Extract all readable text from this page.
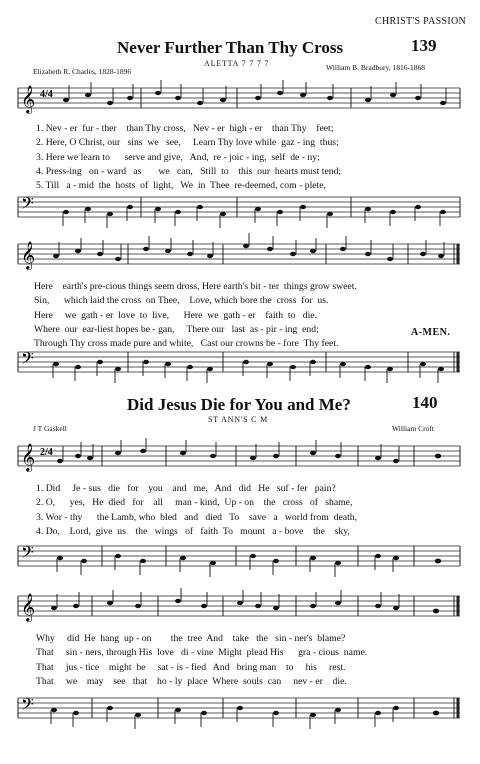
CHRIST'S PASSION
Never Further Than Thy Cross	139
ALETTA 7 7 7 7
Elizabeth R. Charles, 1828-1896	William B. Bradbury, 1816-1868
𝄞 4/4
1. Nev - er  fur - ther    than Thy cross,   Nev - er  high - er    than Thy    feet;
2. Here, O Christ, our   sins  we   see,     Learn Thy love while  gaz - ing  thus;
3. Here we learn to      serve and give,   And,  re - joic - ing,  self  de - ny;
4. Press-ing   on - ward   as       we   can,   Still  to    this  our  hearts must tend;
5. Till   a - mid  the  hosts  of  light,   We  in  Thee  re-deemed, com - plete,
𝄢
𝄞
Here    earth's pre-cious things seem dross, Here earth's bit - ter  things grow sweet.
Sin,      which laid the cross  on Thee,    Love, which bore the  cross  for  us.
Here     we  gath - er  love  to  live,      Here  we  gath - er    faith  to   die.
Where  our  ear-liest hopes be - gan,     There our   last  as - pir - ing  end;
Through Thy cross made pure and white,   Cast our crowns be - fore  Thy feet.
A-MEN.
𝄢
Did Jesus Die for You and Me?	140
ST ANN'S C M
J T Gaskell	William Croft
𝄞 2/4
1. Did     Je - sus   die   for    you    and   me,   And   did   He   suf - fer   pain?
2. O,      yes,   He  died   for    all     man - kind,  Up - on    the   cross   of   shame,
3. Wor - thy      the Lamb, who  bled   and   died   To    save   a   world from  death,
4. Do,    Lord,  give  us    the   wings   of   faith  To   mount   a - bove    the    sky,
𝄢
𝄞
Why     did  He  hang  up - on        the  tree  And    take   the   sin - ner's  blame?
That     sin - ners, through His  love   di - vine  Might  plead His      gra - cious  name.
That     jus - tice    might  be     sat - is - fied   And   bring man    to     his     rest.
That     we    may    see   that    ho - ly  place  Where  souls  can     nev - er    die.
𝄢
